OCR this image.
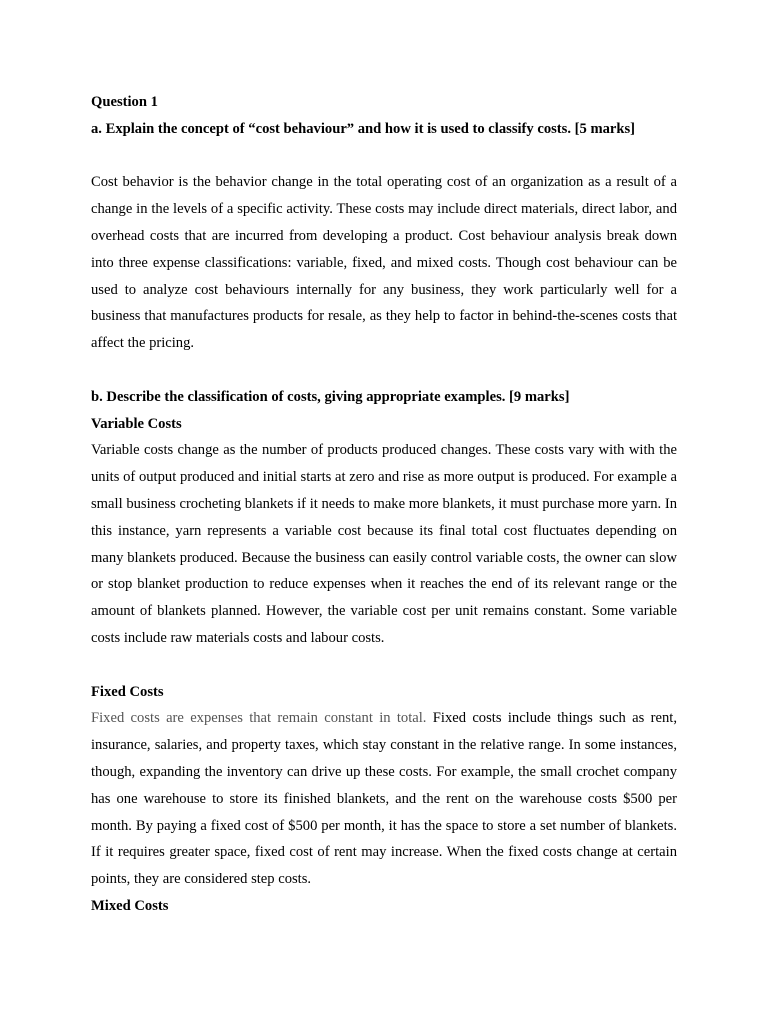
Question 1

a. Explain the concept of “cost behaviour” and how it is used to classify costs. [5 marks]

Cost behavior is the behavior change in the total operating cost of an organization as a result of a change in the levels of a specific activity. These costs may include direct materials, direct labor, and overhead costs that are incurred from developing a product. Cost behaviour analysis break down into three expense classifications: variable, fixed, and mixed costs. Though cost behaviour can be used to analyze cost behaviours internally for any business, they work particularly well for a business that manufactures products for resale, as they help to factor in behind-the-scenes costs that affect the pricing.

b. Describe the classification of costs, giving appropriate examples. [9 marks]

Variable Costs

Variable costs change as the number of products produced changes. These costs vary with with the units of output produced and initial starts at zero and rise as more output is produced. For example a small business crocheting blankets if it needs to make more blankets, it must purchase more yarn. In this instance, yarn represents a variable cost because its final total cost fluctuates depending on many blankets produced. Because the business can easily control variable costs, the owner can slow or stop blanket production to reduce expenses when it reaches the end of its relevant range or the amount of blankets planned. However, the variable cost per unit remains constant. Some variable costs include raw materials costs and labour costs.

Fixed Costs

Fixed costs are expenses that remain constant in total. Fixed costs include things such as rent, insurance, salaries, and property taxes, which stay constant in the relative range. In some instances, though, expanding the inventory can drive up these costs. For example, the small crochet company has one warehouse to store its finished blankets, and the rent on the warehouse costs $500 per month. By paying a fixed cost of $500 per month, it has the space to store a set number of blankets. If it requires greater space, fixed cost of rent may increase. When the fixed costs change at certain points, they are considered step costs.

Mixed Costs
